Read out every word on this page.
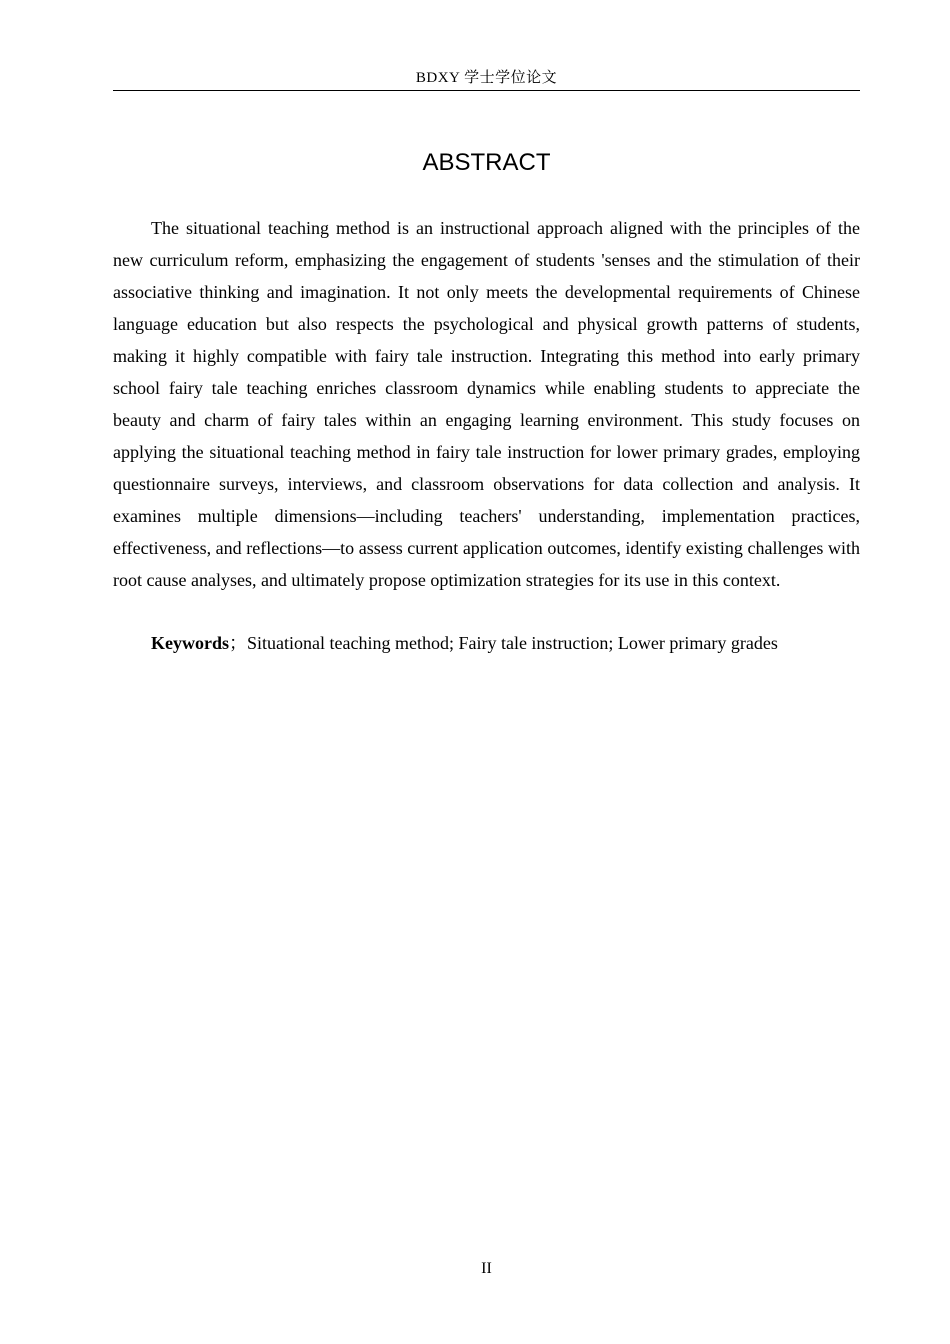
BDXY 学士学位论文
ABSTRACT

The situational teaching method is an instructional approach aligned with the principles of the new curriculum reform, emphasizing the engagement of students 'senses and the stimulation of their associative thinking and imagination. It not only meets the developmental requirements of Chinese language education but also respects the psychological and physical growth patterns of students, making it highly compatible with fairy tale instruction. Integrating this method into early primary school fairy tale teaching enriches classroom dynamics while enabling students to appreciate the beauty and charm of fairy tales within an engaging learning environment. This study focuses on applying the situational teaching method in fairy tale instruction for lower primary grades, employing questionnaire surveys, interviews, and classroom observations for data collection and analysis. It examines multiple dimensions—including teachers' understanding, implementation practices, effectiveness, and reflections—to assess current application outcomes, identify existing challenges with root cause analyses, and ultimately propose optimization strategies for its use in this context.

Keywords；Situational teaching method; Fairy tale instruction; Lower primary grades

II
